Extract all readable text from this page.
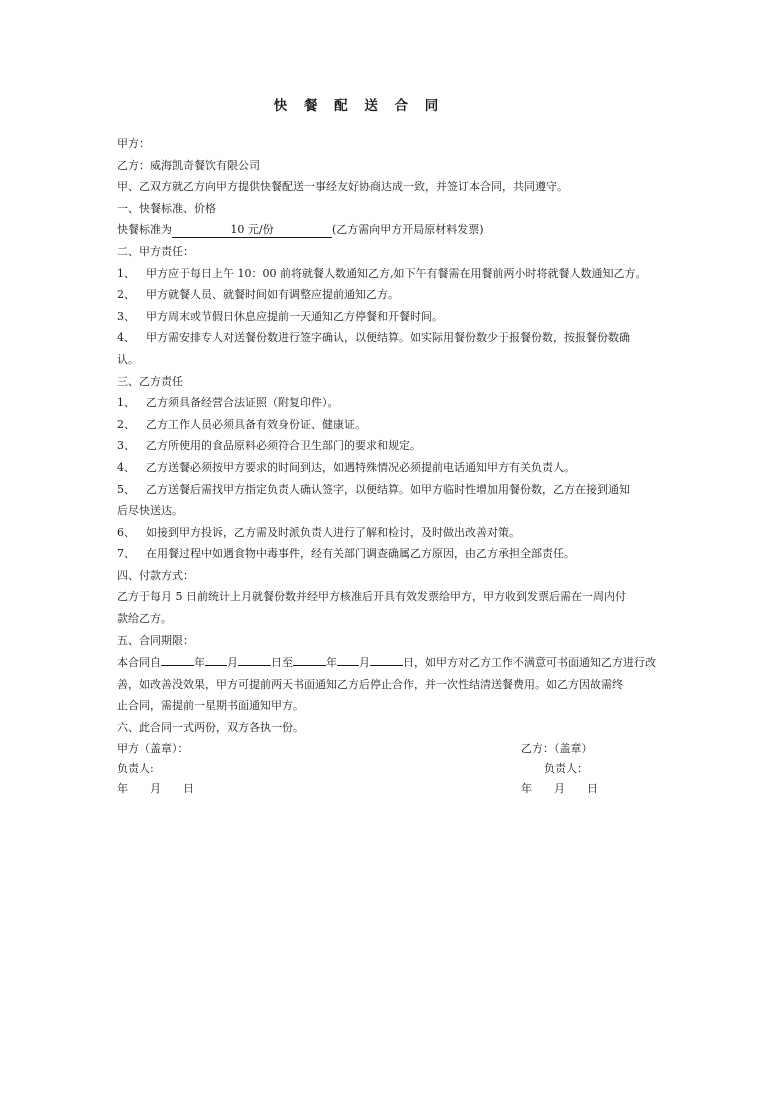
快 餐 配 送 合 同
甲方：
乙方：威海凯奇餐饮有限公司
甲、乙双方就乙方向甲方提供快餐配送一事经友好协商达成一致，并签订本合同，共同遵守。
一、快餐标准、价格
快餐标准为	10 元/份	(乙方需向甲方开局原材料发票)
二、甲方责任：
1、 甲方应于每日上午 10：00 前将就餐人数通知乙方,如下午有餐需在用餐前两小时将就餐人数通知乙方。
2、 甲方就餐人员、就餐时间如有调整应提前通知乙方。
3、 甲方周末或节假日休息应提前一天通知乙方停餐和开餐时间。
4、 甲方需安排专人对送餐份数进行签字确认，以便结算。如实际用餐份数少于报餐份数，按报餐份数确
认。
三、乙方责任
1、 乙方须具备经营合法证照（附复印件）。
2、 乙方工作人员必须具备有效身份证、健康证。
3、 乙方所使用的食品原料必须符合卫生部门的要求和规定。
4、 乙方送餐必须按甲方要求的时间到达，如遇特殊情况必须提前电话通知甲方有关负责人。
5、 乙方送餐后需找甲方指定负责人确认签字，以便结算。如甲方临时性增加用餐份数，乙方在接到通知
后尽快送达。
6、 如接到甲方投诉，乙方需及时派负责人进行了解和检讨，及时做出改善对策。
7、 在用餐过程中如遇食物中毒事件，经有关部门调查确属乙方原因，由乙方承担全部责任。
四、付款方式：
乙方于每月 5 日前统计上月就餐份数并经甲方核准后开具有效发票给甲方，甲方收到发票后需在一周内付
款给乙方。
五、合同期限：
本合同自	年 月	日至	年 月	日，如甲方对乙方工作不满意可书面通知乙方进行改
善，如改善没效果，甲方可提前两天书面通知乙方后停止合作，并一次性结清送餐费用。如乙方因故需终
止合同，需提前一星期书面通知甲方。
六、此合同一式两份，双方各执一份。
甲方（盖章）：
负责人:
年　　月　　日
乙方：（盖章）
负责人：
年　　月　　日
